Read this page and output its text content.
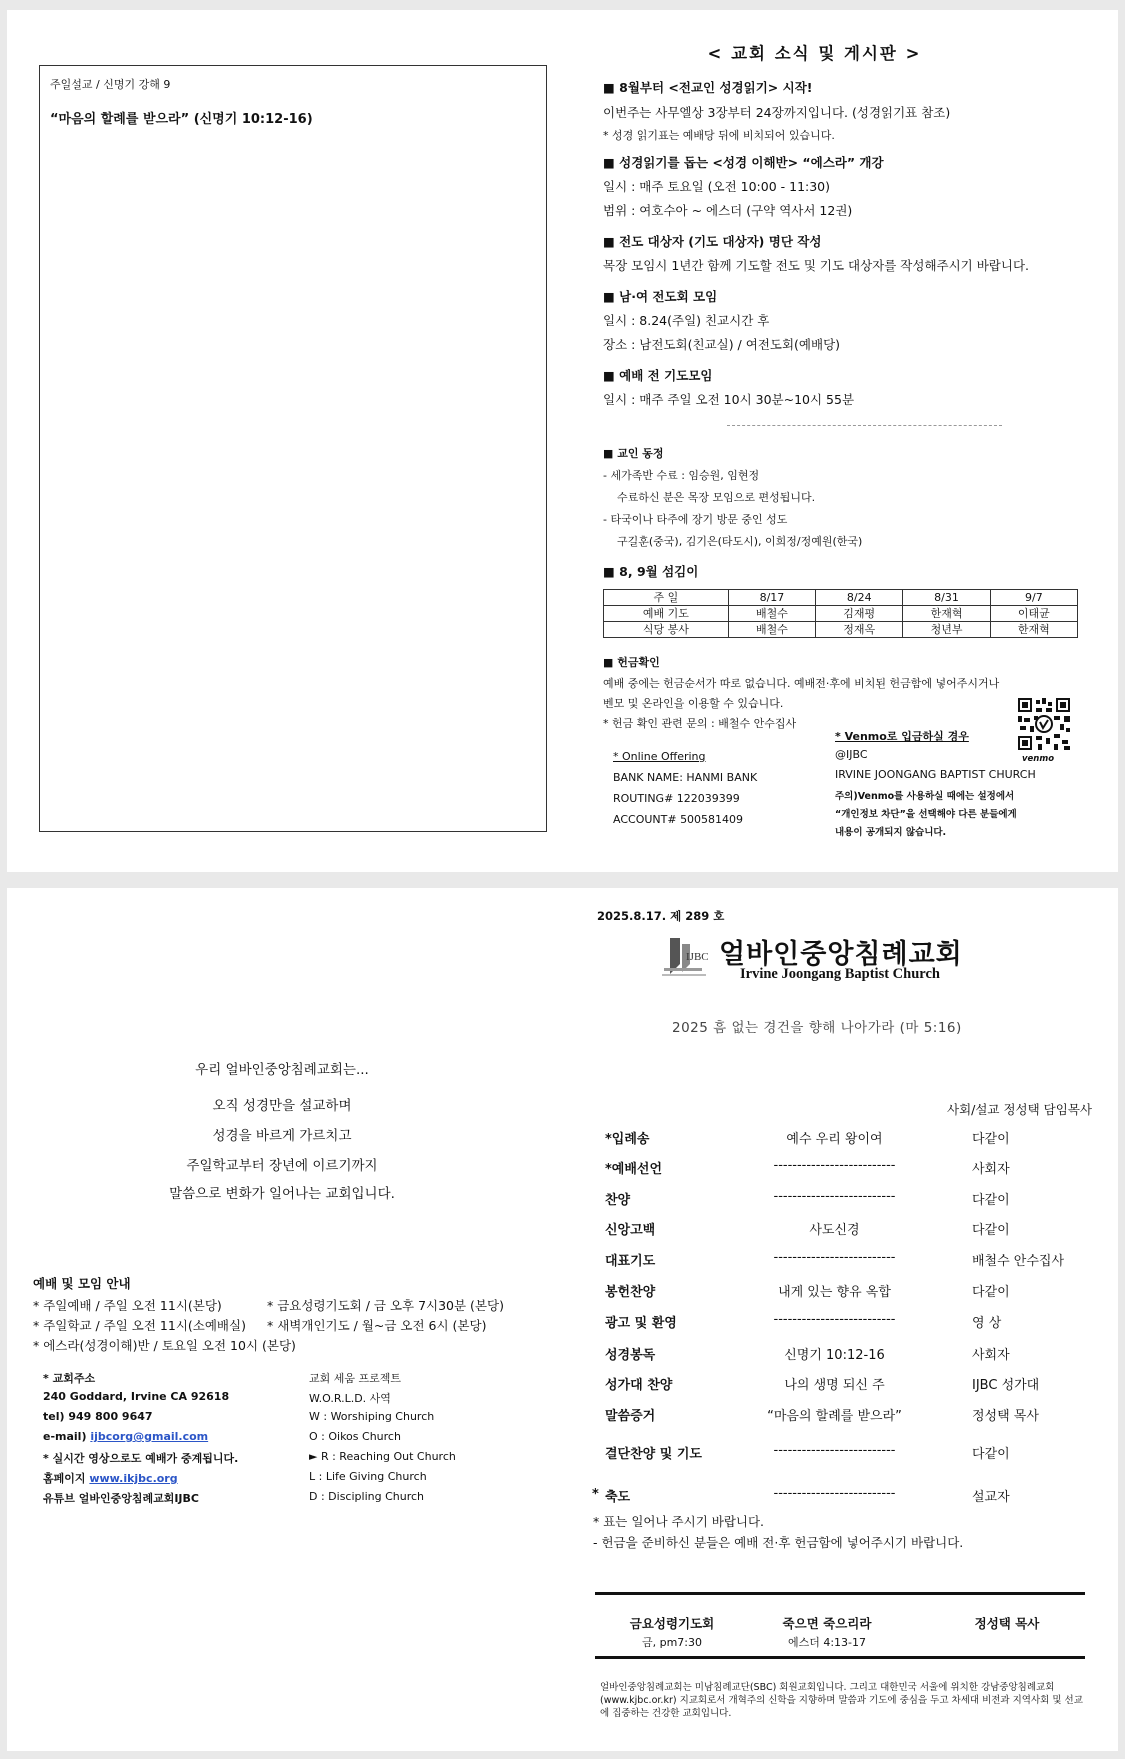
주일설교 / 신명기 강해 9
“마음의 할례를 받으라” (신명기 10:12-16)
< 교회 소식 및 게시판 >
■ 8월부터 <전교인 성경읽기> 시작!
이번주는 사무엘상 3장부터 24장까지입니다. (성경읽기표 참조)
* 성경 읽기표는 예배당 뒤에 비치되어 있습니다.
■ 성경읽기를 돕는 <성경 이해반> “에스라” 개강
일시 : 매주 토요일 (오전 10:00 - 11:30)
범위 : 여호수아 ~ 에스더 (구약 역사서 12권)
■ 전도 대상자 (기도 대상자) 명단 작성
목장 모임시 1년간 함께 기도할 전도 및 기도 대상자를 작성해주시기 바랍니다.
■ 남·여 전도회 모임
일시 : 8.24(주일) 친교시간 후
장소 : 남전도회(친교실) / 여전도회(예배당)
■ 예배 전 기도모임
일시 : 매주 주일 오전 10시 30분~10시 55분
■ 교인 동정
- 세가족반 수료 : 임승원, 임현정
수료하신 분은 목장 모임으로 편성됩니다.
- 타국이나 타주에 장기 방문 중인 성도
구길훈(중국), 김기은(타도시), 이희정/정예원(한국)
■ 8, 9월 섬김이
주 일	8/17	8/24	8/31	9/7
예배 기도	배철수	김재평	한재혁	이태균
식당 봉사	배철수	정재옥	청년부	한재혁
■ 헌금확인
예배 중에는 헌금순서가 따로 없습니다. 예배전·후에 비치된 헌금함에 넣어주시거나
벤모 및 온라인을 이용할 수 있습니다.
* 헌금 확인 관련 문의 : 배철수 안수집사
* Online Offering
BANK NAME: HANMI BANK
ROUTING# 122039399
ACCOUNT# 500581409
* Venmo로 입금하실 경우
@IJBC
IRVINE JOONGANG BAPTIST CHURCH
주의)Venmo를 사용하실 때에는 설정에서
“개인정보 차단”을 선택해야 다른 분들에게
내용이 공개되지 않습니다.
venmo
2025.8.17. 제 289 호
IJBC 얼바인중앙침례교회
Irvine Joongang Baptist Church
2025 흠 없는 경건을 향해 나아가라 (마 5:16)
우리 얼바인중앙침례교회는...
오직 성경만을 설교하며
성경을 바르게 가르치고
주일학교부터 장년에 이르기까지
말씀으로 변화가 일어나는 교회입니다.
사회/설교 정성택 담임목사
*입례송	예수 우리 왕이여	다같이
*예배선언	--------------------------	사회자
찬양	--------------------------	다같이
신앙고백	사도신경	다같이
대표기도	--------------------------	배철수 안수집사
봉헌찬양	내게 있는 향유 옥합	다같이
광고 및 환영	--------------------------	영 상
성경봉독	신명기 10:12-16	사회자
성가대 찬양	나의 생명 되신 주	IJBC 성가대
말씀증거	“마음의 할례를 받으라”	정성택 목사
결단찬양 및 기도	--------------------------	다같이
* 축도	--------------------------	설교자
* 표는 일어나 주시기 바랍니다.
- 헌금을 준비하신 분들은 예배 전·후 헌금함에 넣어주시기 바랍니다.
금요성령기도회
금, pm7:30
죽으면 죽으리라
에스더 4:13-17
정성택 목사
얼바인중앙침례교회는 미남침례교단(SBC) 회원교회입니다. 그리고 대한민국 서울에 위치한 강남중앙침례교회(www.kjbc.or.kr) 지교회로서 개혁주의 신학을 지향하며 말씀과 기도에 중심을 두고 차세대 비전과 지역사회 및 선교에 집중하는 건강한 교회입니다.
예배 및 모임 안내
* 주일예배 / 주일 오전 11시(본당)	* 금요성령기도회 / 금 오후 7시30분 (본당)
* 주일학교 / 주일 오전 11시(소예배실) * 새벽개인기도 / 월~금 오전 6시 (본당)
* 에스라(성경이해)반 / 토요일 오전 10시 (본당)
* 교회주소
240 Goddard, Irvine CA 92618
tel) 949 800 9647
e-mail) ijbcorg@gmail.com
* 실시간 영상으로도 예배가 중계됩니다.
홈페이지 www.ikjbc.org
유튜브 얼바인중앙침례교회IJBC
교회 세움 프로젝트
W.O.R.L.D. 사역
W : Worshiping Church
O : Oikos Church
► R : Reaching Out Church
L : Life Giving Church
D : Discipling Church
